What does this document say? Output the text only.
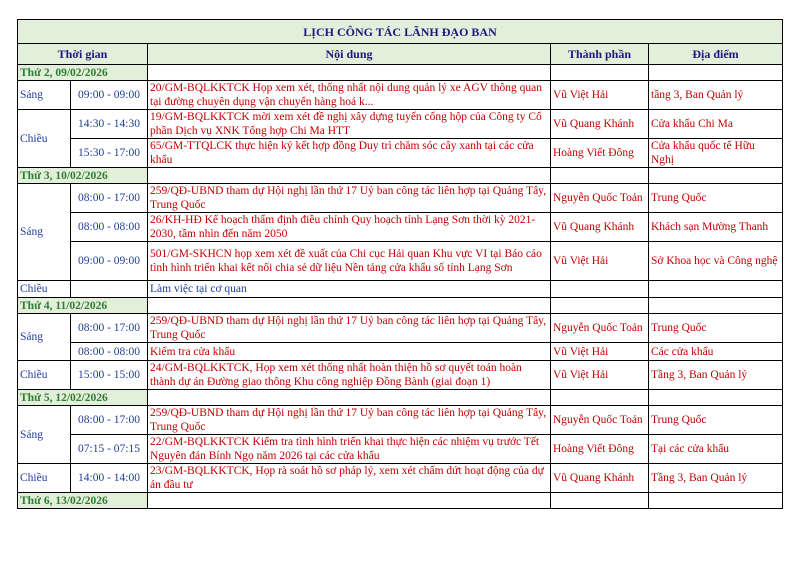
LỊCH CÔNG TÁC LÃNH ĐẠO BAN				
Thời gian		Nội dung	Thành phần	Địa điểm
Thứ 2, 09/02/2026				
Sáng	09:00 - 09:00	20/GM-BQLKKTCK Họp xem xét, thống nhất nội dung quản lý xe AGV thông quan tại đường chuyên dụng vận chuyển hàng hoá k...	Vũ Việt Hải	tầng 3, Ban Quản lý
Chiều	14:30 - 14:30	19/GM-BQLKKTCK mời xem xét đề nghị xây dựng tuyến cống hộp của Công ty Cổ phần Dịch vụ XNK Tổng hợp Chi Ma HTT	Vũ Quang Khánh	Cửa khẩu Chi Ma
	15:30 - 17:00	65/GM-TTQLCK thực hiện ký kết hợp đồng Duy trì chăm sóc cây xanh tại các cửa khẩu	Hoàng Viết Đông	Cửa khẩu quốc tế Hữu Nghị
Thứ 3, 10/02/2026				
Sáng	08:00 - 17:00	259/QĐ-UBND tham dự Hội nghị lần thứ 17 Uỷ ban công tác liên hợp tại Quảng Tây, Trung Quốc	Nguyễn Quốc Toản	Trung Quốc
	08:00 - 08:00	26/KH-HĐ Kế hoạch thẩm định điều chỉnh Quy hoạch tỉnh Lạng Sơn thời kỳ 2021-2030, tầm nhìn đến năm 2050	Vũ Quang Khánh	Khách sạn Mường Thanh
	09:00 - 09:00	501/GM-SKHCN họp xem xét đề xuất của Chi cục Hải quan Khu vực VI tại Báo cáo tình hình triển khai kết nối chia sẻ dữ liệu Nền tảng cửa khẩu số tỉnh Lạng Sơn	Vũ Việt Hải	Sở Khoa học và Công nghệ
Chiều		Làm việc tại cơ quan		
Thứ 4, 11/02/2026				
Sáng	08:00 - 17:00	259/QĐ-UBND tham dự Hội nghị lần thứ 17 Uỷ ban công tác liên hợp tại Quảng Tây, Trung Quốc	Nguyễn Quốc Toản	Trung Quốc
	08:00 - 08:00	Kiểm tra cửa khẩu	Vũ Việt Hải	Các cửa khẩu
Chiều	15:00 - 15:00	24/GM-BQLKKTCK, Họp xem xét thống nhất hoàn thiện hồ sơ quyết toán hoàn thành dự án Đường giao thông Khu công nghiệp Đồng Bành (giai đoạn 1)	Vũ Việt Hải	Tầng 3, Ban Quản lý
Thứ 5, 12/02/2026				
Sáng	08:00 - 17:00	259/QĐ-UBND tham dự Hội nghị lần thứ 17 Uỷ ban công tác liên hợp tại Quảng Tây, Trung Quốc	Nguyễn Quốc Toản	Trung Quốc
	07:15 - 07:15	22/GM-BQLKKTCK Kiểm tra tình hình triển khai thực hiện các nhiệm vụ trước Tết Nguyên đán Bính Ngọ năm 2026 tại các cửa khẩu	Hoàng Viết Đông	Tại các cửa khẩu
Chiều	14:00 - 14:00	23/GM-BQLKKTCK, Họp rà soát hồ sơ pháp lý, xem xét chấm dứt hoạt động của dự án đầu tư	Vũ Quang Khánh	Tầng 3, Ban Quản lý
Thứ 6, 13/02/2026				
